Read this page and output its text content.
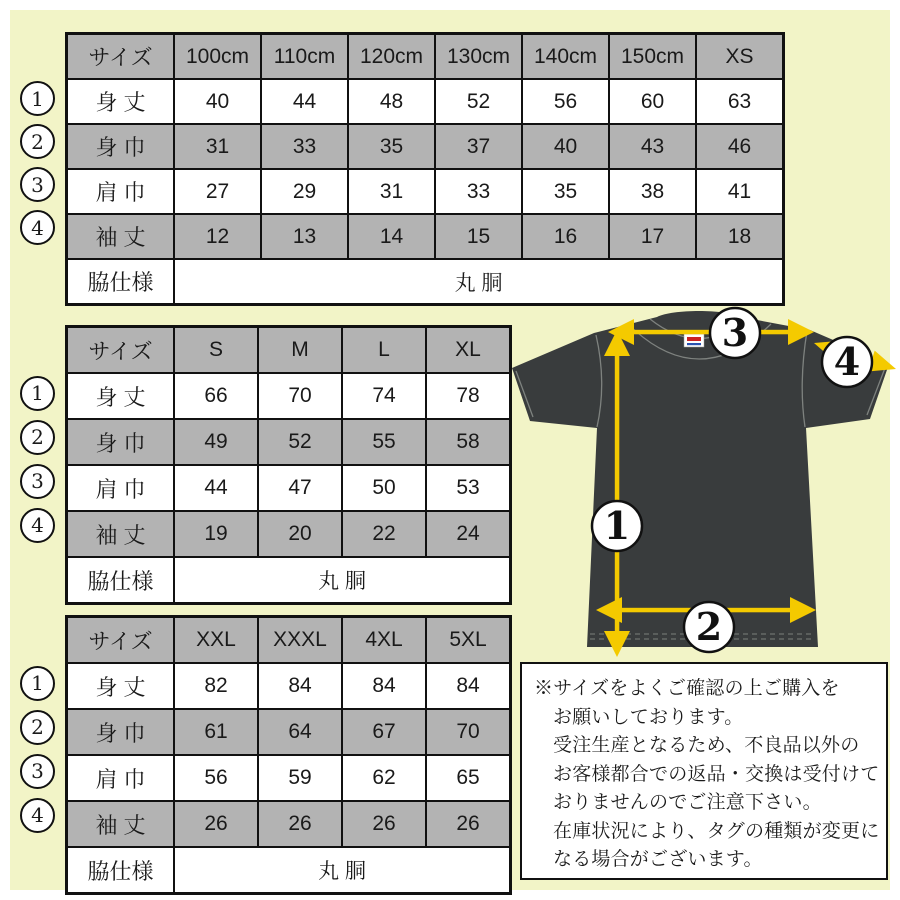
サイズ	100cm	110cm	120cm	130cm	140cm	150cm	XS
身 丈	40	44	48	52	56	60	63
身 巾	31	33	35	37	40	43	46
肩 巾	27	29	31	33	35	38	41
袖 丈	12	13	14	15	16	17	18
脇仕様	丸 胴						
サイズ	S	M	L	XL
身 丈	66	70	74	78
身 巾	49	52	55	58
肩 巾	44	47	50	53
袖 丈	19	20	22	24
脇仕様	丸 胴			
サイズ	XXL	XXXL	4XL	5XL
身 丈	82	84	84	84
身 巾	61	64	67	70
肩 巾	56	59	62	65
袖 丈	26	26	26	26
脇仕様	丸 胴			
1
2
3
4
※サイズをよくご確認の上ご購入を
お願いしております。
受注生産となるため、不良品以外の
お客様都合での返品・交換は受付けて
おりませんのでご注意下さい。
在庫状況により、タグの種類が変更に
なる場合がございます。
1
2
3
4
1
2
3
4
1
2
3
4
